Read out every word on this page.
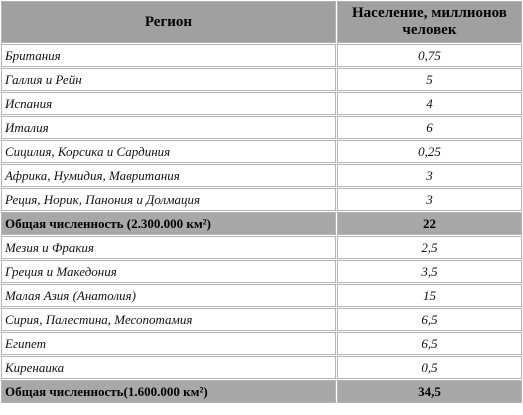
Регион	Население, миллионов человек
Британия	0,75
Галлия и Рейн	5
Испания	4
Италия	6
Сицилия, Корсика и Сардиния	0,25
Африка, Нумидия, Мавритания	3
Реция, Норик, Панония и Долмация	3
Общая численность (2.300.000 км²)	22
Мезия и Фракия	2,5
Греция и Македония	3,5
Малая Азия (Анатолия)	15
Сирия, Палестина, Месопотамия	6,5
Египет	6,5
Киренаика	0,5
Общая численность(1.600.000 км²)	34,5
